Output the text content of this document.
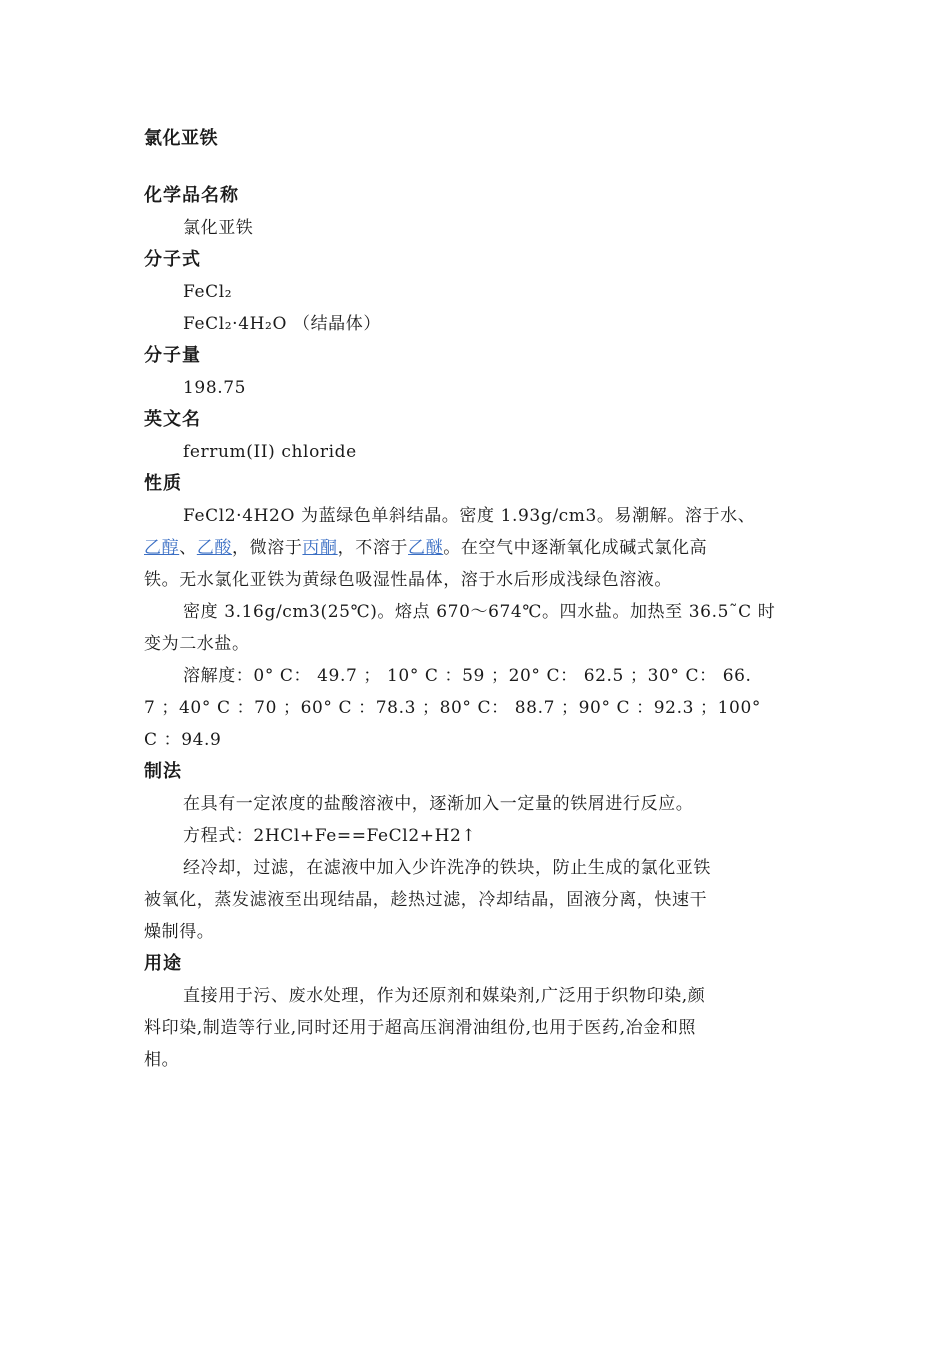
氯化亚铁
化学品名称
氯化亚铁
分子式
FeCl₂
FeCl₂·4H₂O （结晶体）
分子量
198.75
英文名
ferrum(II) chloride
性质
FeCl2·4H2O 为蓝绿色单斜结晶。密度 1.93g/cm3。易潮解。溶于水、
乙醇、乙酸，微溶于丙酮，不溶于乙醚。在空气中逐渐氧化成碱式氯化高
铁。无水氯化亚铁为黄绿色吸湿性晶体，溶于水后形成浅绿色溶液。
密度 3.16g/cm3(25℃)。熔点 670～674℃。四水盐。加热至 36.5˜C 时
变为二水盐。
溶解度：0° C： 49.7 ； 10° C ：59 ；20° C： 62.5 ；30° C： 66.
7 ；40° C ：70 ；60° C ：78.3 ；80° C： 88.7 ；90° C ：92.3 ；100°
C ：94.9
制法
在具有一定浓度的盐酸溶液中，逐渐加入一定量的铁屑进行反应。
方程式：2HCl+Fe==FeCl2+H2↑
经冷却，过滤，在滤液中加入少许洗净的铁块，防止生成的氯化亚铁
被氧化，蒸发滤液至出现结晶，趁热过滤，冷却结晶，固液分离，快速干
燥制得。
用途
直接用于污、废水处理，作为还原剂和媒染剂,广泛用于织物印染,颜
料印染,制造等行业,同时还用于超高压润滑油组份,也用于医药,冶金和照
相。
